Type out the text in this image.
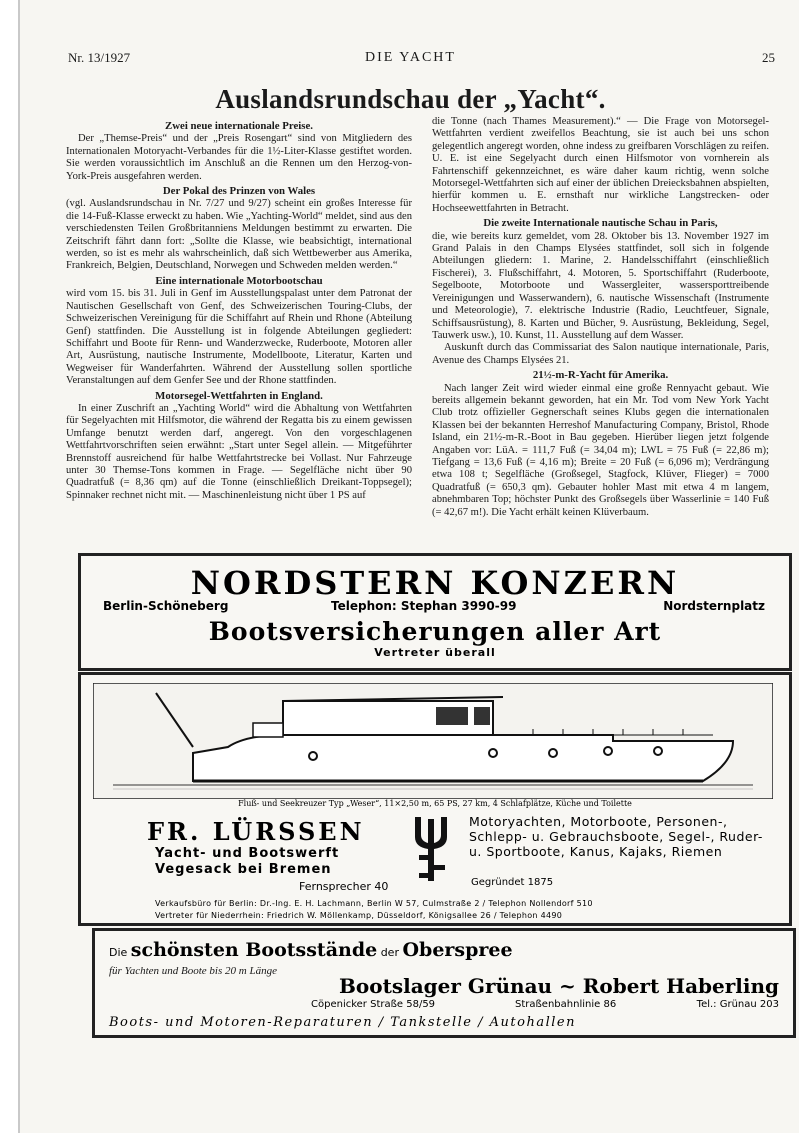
Nr. 13/1927	DIE YACHT	25
Auslandsrundschau der „Yacht“.
Zwei neue internationale Preise.

Der „Themse-Preis“ und der „Preis Rosengart“ sind von Mitgliedern des Internationalen Motoryacht-Verbandes für die 1½-Liter-Klasse gestiftet worden. Sie werden voraussichtlich im Anschluß an die Rennen um den Herzog-von-York-Preis ausgefahren werden.

Der Pokal des Prinzen von Wales

(vgl. Auslandsrundschau in Nr. 7/27 und 9/27) scheint ein großes Interesse für die 14-Fuß-Klasse erweckt zu haben. Wie „Yachting-World“ meldet, sind aus den verschiedensten Teilen Großbritanniens Meldungen bestimmt zu erwarten. Die Zeitschrift fährt dann fort: „Sollte die Klasse, wie beabsichtigt, international werden, so ist es mehr als wahrscheinlich, daß sich Wettbewerber aus Amerika, Frankreich, Belgien, Deutschland, Norwegen und Schweden melden werden.“

Eine internationale Motorbootschau

wird vom 15. bis 31. Juli in Genf im Ausstellungspalast unter dem Patronat der Nautischen Gesellschaft von Genf, des Schweizerischen Touring-Clubs, der Schweizerischen Vereinigung für die Schiffahrt auf Rhein und Rhone (Abteilung Genf) stattfinden. Die Ausstellung ist in folgende Abteilungen gegliedert: Schiffahrt und Boote für Renn- und Wanderzwecke, Ruderboote, Motoren aller Art, Ausrüstung, nautische Instrumente, Modellboote, Literatur, Karten und Wegweiser für Wanderfahrten. Während der Ausstellung sollen sportliche Veranstaltungen auf dem Genfer See und der Rhone stattfinden.

Motorsegel-Wettfahrten in England.

In einer Zuschrift an „Yachting World“ wird die Abhaltung von Wettfahrten für Segelyachten mit Hilfsmotor, die während der Regatta bis zu einem gewissen Umfange benutzt werden darf, angeregt. Von den vorgeschlagenen Wettfahrtvorschriften seien erwähnt: „Start unter Segel allein. — Mitgeführter Brennstoff ausreichend für halbe Wettfahrtstrecke bei Vollast. Nur Fahrzeuge unter 30 Themse-Tons kommen in Frage. — Segelfläche nicht über 90 Quadratfuß (= 8,36 qm) auf die Tonne (einschließlich Dreikant-Toppsegel); Spinnaker rechnet nicht mit. — Maschinenleistung nicht über 1 PS auf

die Tonne (nach Thames Measurement).“ — Die Frage von Motorsegel-Wettfahrten verdient zweifellos Beachtung, sie ist auch bei uns schon gelegentlich angeregt worden, ohne indess zu greifbaren Vorschlägen zu reifen. U. E. ist eine Segelyacht durch einen Hilfsmotor von vornherein als Fahrtenschiff gekennzeichnet, es wäre daher kaum richtig, wenn solche Motorsegel-Wettfahrten sich auf einer der üblichen Dreiecksbahnen abspielten, hierfür kommen u. E. ernsthaft nur wirkliche Langstrecken- oder Hochseewettfahrten in Betracht.

Die zweite Internationale nautische Schau in Paris,

die, wie bereits kurz gemeldet, vom 28. Oktober bis 13. November 1927 im Grand Palais in den Champs Elysées stattfindet, soll sich in folgende Abteilungen gliedern: 1. Marine, 2. Handelsschiffahrt (einschließlich Fischerei), 3. Flußschiffahrt, 4. Motoren, 5. Sportschiffahrt (Ruderboote, Segelboote, Motorboote und Wassergleiter, wassersporttreibende Vereinigungen und Wasserwandern), 6. nautische Wissenschaft (Instrumente und Meteorologie), 7. elektrische Industrie (Radio, Leuchtfeuer, Signale, Schiffsausrüstung), 8. Karten und Bücher, 9. Ausrüstung, Bekleidung, Segel, Tauwerk usw.), 10. Kunst, 11. Ausstellung auf dem Wasser.

Auskunft durch das Commissariat des Salon nautique internationale, Paris, Avenue des Champs Elysées 21.

21½-m-R-Yacht für Amerika.

Nach langer Zeit wird wieder einmal eine große Rennyacht gebaut. Wie bereits allgemein bekannt geworden, hat ein Mr. Tod vom New York Yacht Club trotz offizieller Gegnerschaft seines Klubs gegen die internationalen Klassen bei der bekannten Herreshof Manufacturing Company, Bristol, Rhode Island, ein 21½-m-R.-Boot in Bau gegeben. Hierüber liegen jetzt folgende Angaben vor: LüA. = 111,7 Fuß (= 34,04 m); LWL = 75 Fuß (= 22,86 m); Tiefgang = 13,6 Fuß (= 4,16 m); Breite = 20 Fuß (= 6,096 m); Verdrängung etwa 108 t; Segelfläche (Großsegel, Stagfock, Klüver, Flieger) = 7000 Quadratfuß (= 650,3 qm). Gebauter hohler Mast mit etwa 4 m langem, abnehmbaren Top; höchster Punkt des Großsegels über Wasserlinie = 140 Fuß (= 42,67 m!). Die Yacht erhält keinen Klüverbaum.

NORDSTERN KONZERN
Berlin-Schöneberg	Telephon: Stephan 3990-99	Nordsternplatz
Bootsversicherungen aller Art
Vertreter überall
Fluß- und Seekreuzer Typ „Weser“, 11×2,50 m, 65 PS, 27 km, 4 Schlafplätze, Küche und Toilette
FR. LÜRSSEN
Yacht- und Bootswerft
Vegesack bei Bremen
Fernsprecher 40
Motoryachten, Motorboote, Personen-, Schlepp- u. Gebrauchsboote, Segel-, Ruder- u. Sportboote, Kanus, Kajaks, Riemen
Gegründet 1875
Verkaufsbüro für Berlin: Dr.-Ing. E. H. Lachmann, Berlin W 57, Culmstraße 2 / Telephon Nollendorf 510
Vertreter für Niederrhein: Friedrich W. Möllenkamp, Düsseldorf, Königsallee 26 / Telephon 4490
Die schönsten Bootsstände der Oberspree
für Yachten und Boote bis 20 m Länge
Bootslager Grünau ~ Robert Haberling
Cöpenicker Straße 58/59	Straßenbahnlinie 86	Tel.: Grünau 203
Boots- und Motoren-Reparaturen / Tankstelle / Autohallen
